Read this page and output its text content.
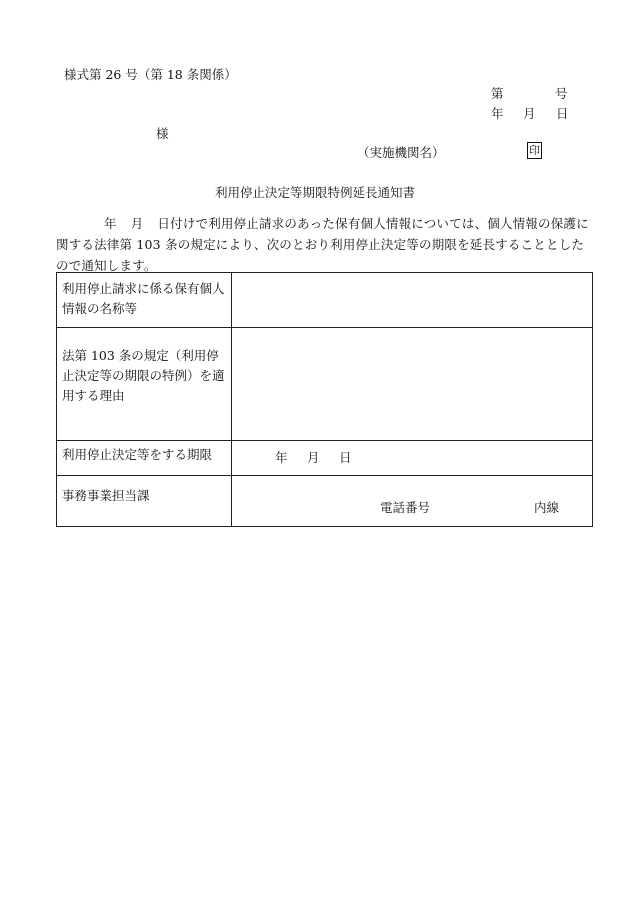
様式第 26 号（第 18 条関係）
第	号
年 月 日
様
（実施機関名）	印
利用停止決定等期限特例延長通知書
年 月 日付けで利用停止請求のあった保有個人情報については、個人情報の保護に関する法律第 103 条の規定により、次のとおり利用停止決定等の期限を延長することとしたので通知します。
利用停止請求に係る保有個人情報の名称等	
法第 103 条の規定（利用停止決定等の期限の特例）を適用する理由	
利用停止決定等をする期限	年 月 日

事務事業担当課	電話番号 内線
